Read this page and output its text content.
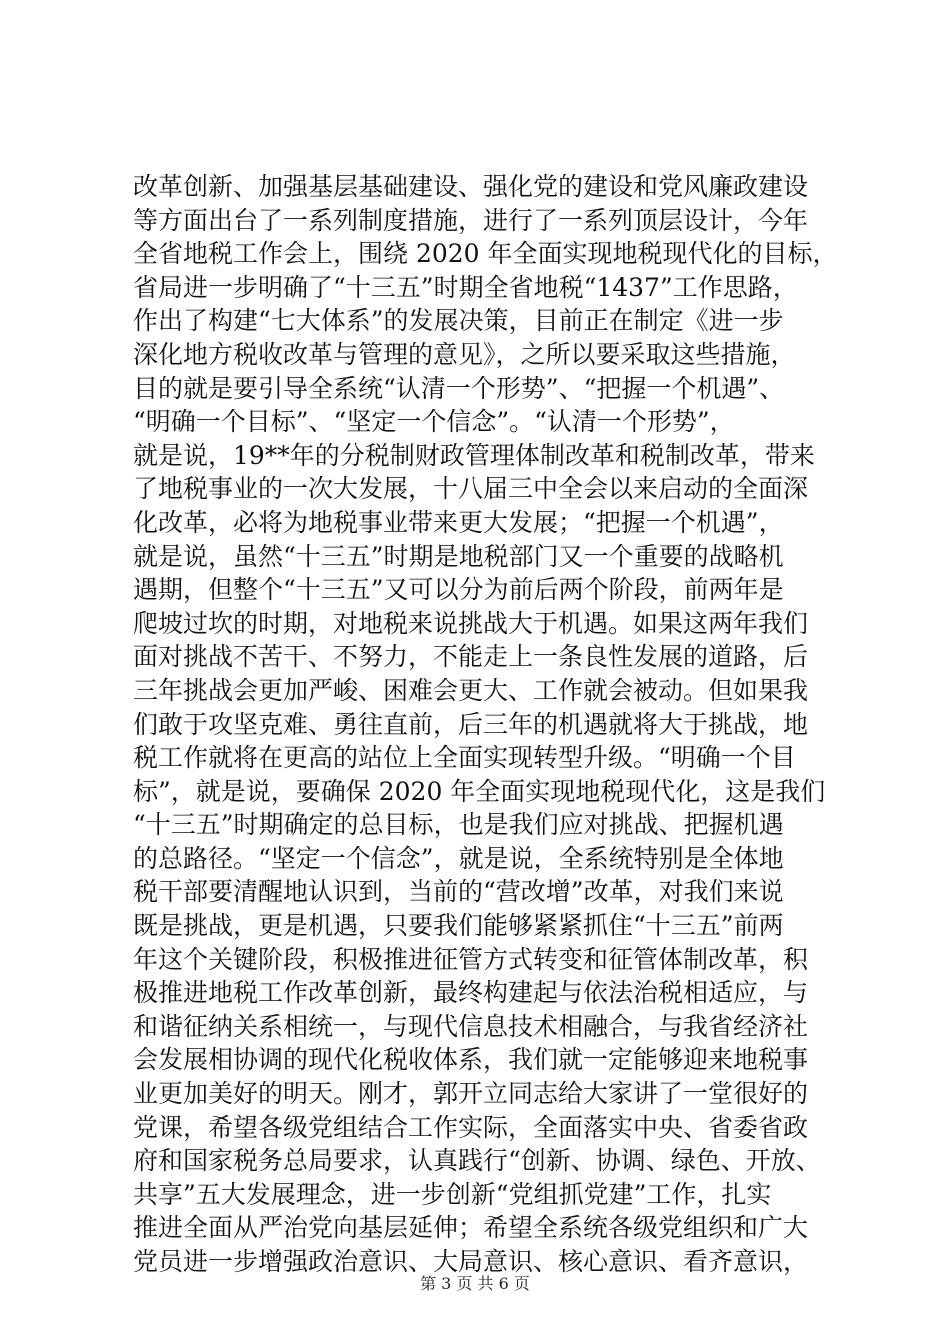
改革创新、加强基层基础建设、强化党的建设和党风廉政建设
等方面出台了一系列制度措施，进行了一系列顶层设计，今年
全省地税工作会上，围绕 2020 年全面实现地税现代化的目标，
省局进一步明确了“十三五”时期全省地税“1437”工作思路，
作出了构建“七大体系”的发展决策，目前正在制定《进一步
深化地方税收改革与管理的意见》，之所以要采取这些措施，
目的就是要引导全系统“认清一个形势”、“把握一个机遇”、
“明确一个目标”、“坚定一个信念”。“认清一个形势”，
就是说，19**年的分税制财政管理体制改革和税制改革，带来
了地税事业的一次大发展，十八届三中全会以来启动的全面深
化改革，必将为地税事业带来更大发展；“把握一个机遇”，
就是说，虽然“十三五”时期是地税部门又一个重要的战略机
遇期，但整个“十三五”又可以分为前后两个阶段，前两年是
爬坡过坎的时期，对地税来说挑战大于机遇。如果这两年我们
面对挑战不苦干、不努力，不能走上一条良性发展的道路，后
三年挑战会更加严峻、困难会更大、工作就会被动。但如果我
们敢于攻坚克难、勇往直前，后三年的机遇就将大于挑战，地
税工作就将在更高的站位上全面实现转型升级。“明确一个目
标”，就是说，要确保 2020 年全面实现地税现代化，这是我们
“十三五”时期确定的总目标，也是我们应对挑战、把握机遇
的总路径。“坚定一个信念”，就是说，全系统特别是全体地
税干部要清醒地认识到，当前的“营改增”改革，对我们来说
既是挑战，更是机遇，只要我们能够紧紧抓住“十三五”前两
年这个关键阶段，积极推进征管方式转变和征管体制改革，积
极推进地税工作改革创新，最终构建起与依法治税相适应，与
和谐征纳关系相统一，与现代信息技术相融合，与我省经济社
会发展相协调的现代化税收体系，我们就一定能够迎来地税事
业更加美好的明天。刚才，郭开立同志给大家讲了一堂很好的
党课，希望各级党组结合工作实际，全面落实中央、省委省政
府和国家税务总局要求，认真践行“创新、协调、绿色、开放、
共享”五大发展理念，进一步创新“党组抓党建”工作，扎实
推进全面从严治党向基层延伸；希望全系统各级党组织和广大
党员进一步增强政治意识、大局意识、核心意识、看齐意识，
第 3 页 共 6 页
